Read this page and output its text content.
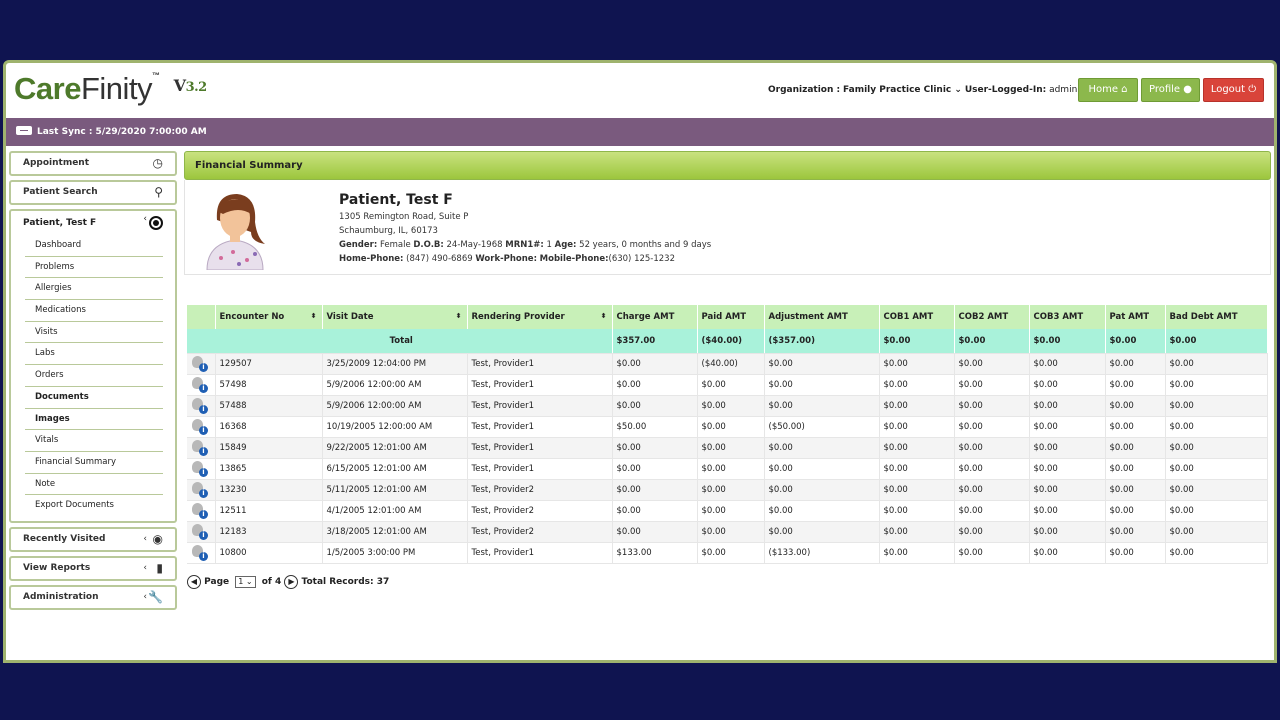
CareFinity™ $^{V3.2}$	Organization : Family Practice Clinic ⌄ User-Logged-In: admin	Home ⌂	Profile ●	Logout ⏻
Last Sync : 5/29/2020 7:00:00 AM
Appointment	◷
Patient Search	⚲
Patient, Test F	‹
Dashboard
Problems
Allergies
Medications
Visits
Labs
Orders
Documents
Images
Vitals
Financial Summary
Note
Export Documents
Recently Visited	‹ ◉
View Reports	‹ ▮
Administration	‹ 🔧
Financial Summary
Patient, Test F
1305 Remington Road, Suite P
Schaumburg, IL, 60173
Gender: Female D.O.B: 24-May-1968 MRN1#: 1 Age: 52 years, 0 months and 9 days
Home-Phone: (847) 490-6869 Work-Phone: Mobile-Phone:(630) 125-1232
	Encounter No ⬍	Visit Date ⬍	Rendering Provider ⬍	Charge AMT	Paid AMT	Adjustment AMT	COB1 AMT	COB2 AMT	COB3 AMT	Pat AMT	Bad Debt AMT
Total				$357.00	($40.00)	($357.00)	$0.00	$0.00	$0.00	$0.00	$0.00

i	129507	3/25/2009 12:04:00 PM	Test, Provider1	$0.00	($40.00)	$0.00	$0.00	$0.00	$0.00	$0.00	$0.00

i	57498	5/9/2006 12:00:00 AM	Test, Provider1	$0.00	$0.00	$0.00	$0.00	$0.00	$0.00	$0.00	$0.00

i	57488	5/9/2006 12:00:00 AM	Test, Provider1	$0.00	$0.00	$0.00	$0.00	$0.00	$0.00	$0.00	$0.00

i	16368	10/19/2005 12:00:00 AM	Test, Provider1	$50.00	$0.00	($50.00)	$0.00	$0.00	$0.00	$0.00	$0.00

i	15849	9/22/2005 12:01:00 AM	Test, Provider1	$0.00	$0.00	$0.00	$0.00	$0.00	$0.00	$0.00	$0.00

i	13865	6/15/2005 12:01:00 AM	Test, Provider1	$0.00	$0.00	$0.00	$0.00	$0.00	$0.00	$0.00	$0.00

i	13230	5/11/2005 12:01:00 AM	Test, Provider2	$0.00	$0.00	$0.00	$0.00	$0.00	$0.00	$0.00	$0.00

i	12511	4/1/2005 12:01:00 AM	Test, Provider2	$0.00	$0.00	$0.00	$0.00	$0.00	$0.00	$0.00	$0.00

i	12183	3/18/2005 12:01:00 AM	Test, Provider2	$0.00	$0.00	$0.00	$0.00	$0.00	$0.00	$0.00	$0.00

i	10800	1/5/2005 3:00:00 PM	Test, Provider1	$133.00	$0.00	($133.00)	$0.00	$0.00	$0.00	$0.00	$0.00
◀ Page 1 ⌄ of 4 ▶ Total Records: 37
